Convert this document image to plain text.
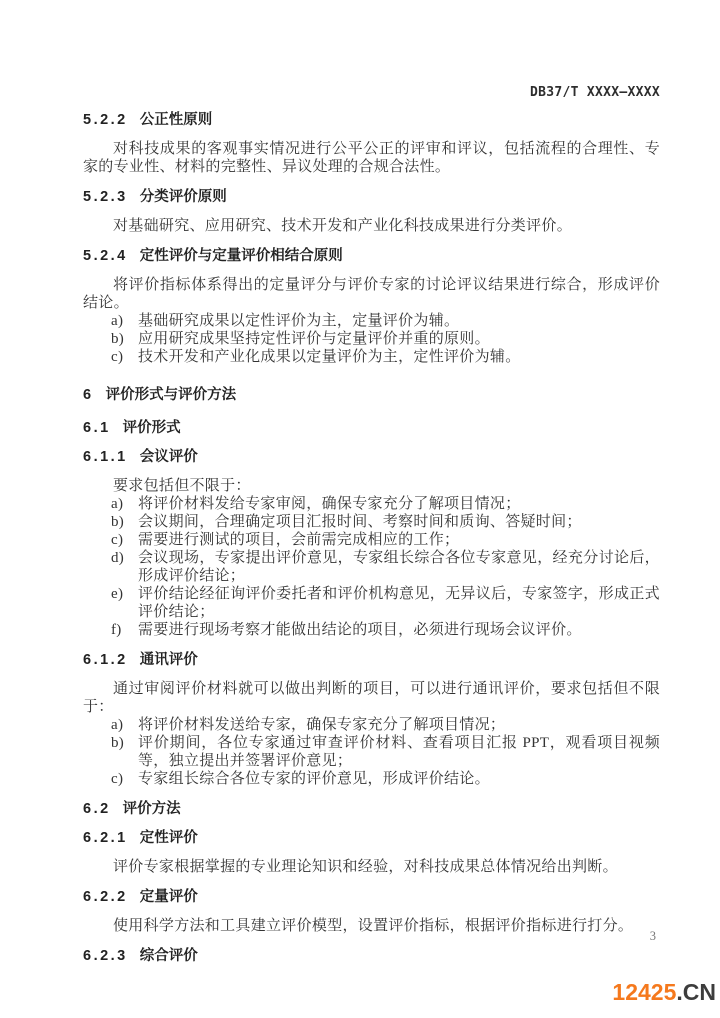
DB37/T XXXX—XXXX
5.2.2 公正性原则

对科技成果的客观事实情况进行公平公正的评审和评议，包括流程的合理性、专家的专业性、材料的完整性、异议处理的合规合法性。

5.2.3 分类评价原则

对基础研究、应用研究、技术开发和产业化科技成果进行分类评价。

5.2.4 定性评价与定量评价相结合原则

将评价指标体系得出的定量评分与评价专家的讨论评议结果进行综合，形成评价结论。

a) 基础研究成果以定性评价为主，定量评价为辅。
b) 应用研究成果坚持定性评价与定量评价并重的原则。
c) 技术开发和产业化成果以定量评价为主，定性评价为辅。
6 评价形式与评价方法
6.1 评价形式
6.1.1 会议评价

要求包括但不限于：

a) 将评价材料发给专家审阅，确保专家充分了解项目情况；
b) 会议期间，合理确定项目汇报时间、考察时间和质询、答疑时间；
c) 需要进行测试的项目，会前需完成相应的工作；
d) 会议现场，专家提出评价意见，专家组长综合各位专家意见，经充分讨论后，形成评价结论；
e) 评价结论经征询评价委托者和评价机构意见，无异议后，专家签字，形成正式评价结论；
f)	需要进行现场考察才能做出结论的项目，必须进行现场会议评价。
6.1.2 通讯评价

通过审阅评价材料就可以做出判断的项目，可以进行通讯评价，要求包括但不限于：

a) 将评价材料发送给专家，确保专家充分了解项目情况；
b) 评价期间，各位专家通过审查评价材料、查看项目汇报 PPT，观看项目视频等，独立提出并签署评价意见；
c) 专家组长综合各位专家的评价意见，形成评价结论。
6.2 评价方法
6.2.1 定性评价

评价专家根据掌握的专业理论知识和经验，对科技成果总体情况给出判断。

6.2.2 定量评价

使用科学方法和工具建立评价模型，设置评价指标，根据评价指标进行打分。

6.2.3 综合评价
3
12425.CN
